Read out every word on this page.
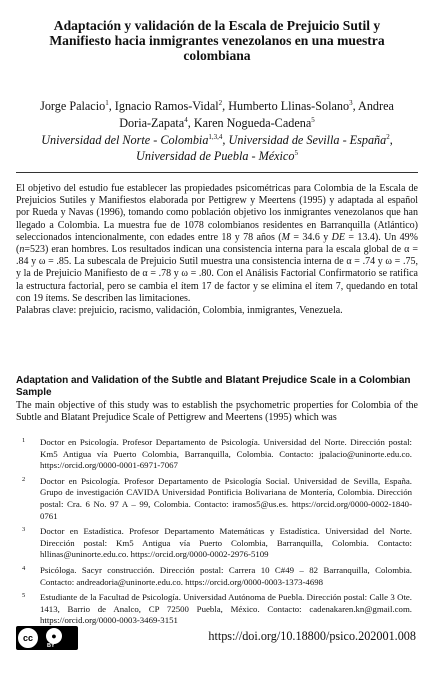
Adaptación y validación de la Escala de Prejuicio Sutil y Manifiesto hacia inmigrantes venezolanos en una muestra colombiana
Jorge Palacio$^1$, Ignacio Ramos-Vidal$^2$, Humberto Llinas-Solano$^3$, Andrea Doria-Zapata$^4$, Karen Nogueda-Cadena$^5$
Universidad del Norte - Colombia$^{1,3,4}$, Universidad de Sevilla - España$^2$, Universidad de Puebla - México$^5$

El objetivo del estudio fue establecer las propiedades psicométricas para Colombia de la Escala de Prejuicios Sutiles y Manifiestos elaborada por Pettigrew y Meertens (1995) y adaptada al español por Rueda y Navas (1996), tomando como población objetivo los inmigrantes venezolanos que han llegado a Colombia. La muestra fue de 1078 colombianos residentes en Barranquilla (Atlántico) seleccionados intencionalmente, con edades entre 18 y 78 años (M = 34.6 y DE = 13.4). Un 49% (n=523) eran hombres. Los resultados indican una consistencia interna para la escala global de α = .84 y ω = .85. La subescala de Prejuicio Sutil muestra una consistencia interna de α = .74 y ω = .75, y la de Prejuicio Manifiesto de α = .78 y ω = .80. Con el Análisis Factorial Confirmatorio se ratifica la estructura factorial, pero se cambia el ítem 17 de factor y se elimina el ítem 7, quedando en total con 19 ítems. Se describen las limitaciones.

Palabras clave: prejuicio, racismo, validación, Colombia, inmigrantes, Venezuela.

Adaptation and Validation of the Subtle and Blatant Prejudice Scale in a Colombian Sample
The main objective of this study was to establish the psychometric properties for Colombia of the Subtle and Blatant Prejudice Scale of Pettigrew and Meertens (1995) which was
1 Doctor en Psicología. Profesor Departamento de Psicología. Universidad del Norte. Dirección postal: Km5 Antigua vía Puerto Colombia, Barranquilla, Colombia. Contacto: jpalacio@uninorte.edu.co. https://orcid.org/0000-0001-6971-7067
2 Doctor en Psicología. Profesor Departamento de Psicología Social. Universidad de Sevilla, España. Grupo de investigación CAVIDA Universidad Pontificia Bolivariana de Montería, Colombia. Dirección postal: Cra. 6 No. 97 A – 99, Colombia. Contacto: iramos5@us.es. https://orcid.org/0000-0002-1840-0761
3 Doctor en Estadística. Profesor Departamento Matemáticas y Estadística. Universidad del Norte. Dirección postal: Km5 Antigua vía Puerto Colombia, Barranquilla, Colombia. Contacto: hllinas@uninorte.edu.co. https://orcid.org/0000-0002-2976-5109
4 Psicóloga. Sacyr construcción. Dirección postal: Carrera 10 C#49 – 82 Barranquilla, Colombia. Contacto: andreadoria@uninorte.edu.co. https://orcid.org/0000-0003-1373-4698
5 Estudiante de la Facultad de Psicología. Universidad Autónoma de Puebla. Dirección postal: Calle 3 Ote. 1413, Barrio de Analco, CP 72500 Puebla, México. Contacto: cadenakaren.kn@gmail.com. https://orcid.org/0000-0003-3469-3151
cc	●
BY
https://doi.org/10.18800/psico.202001.008
